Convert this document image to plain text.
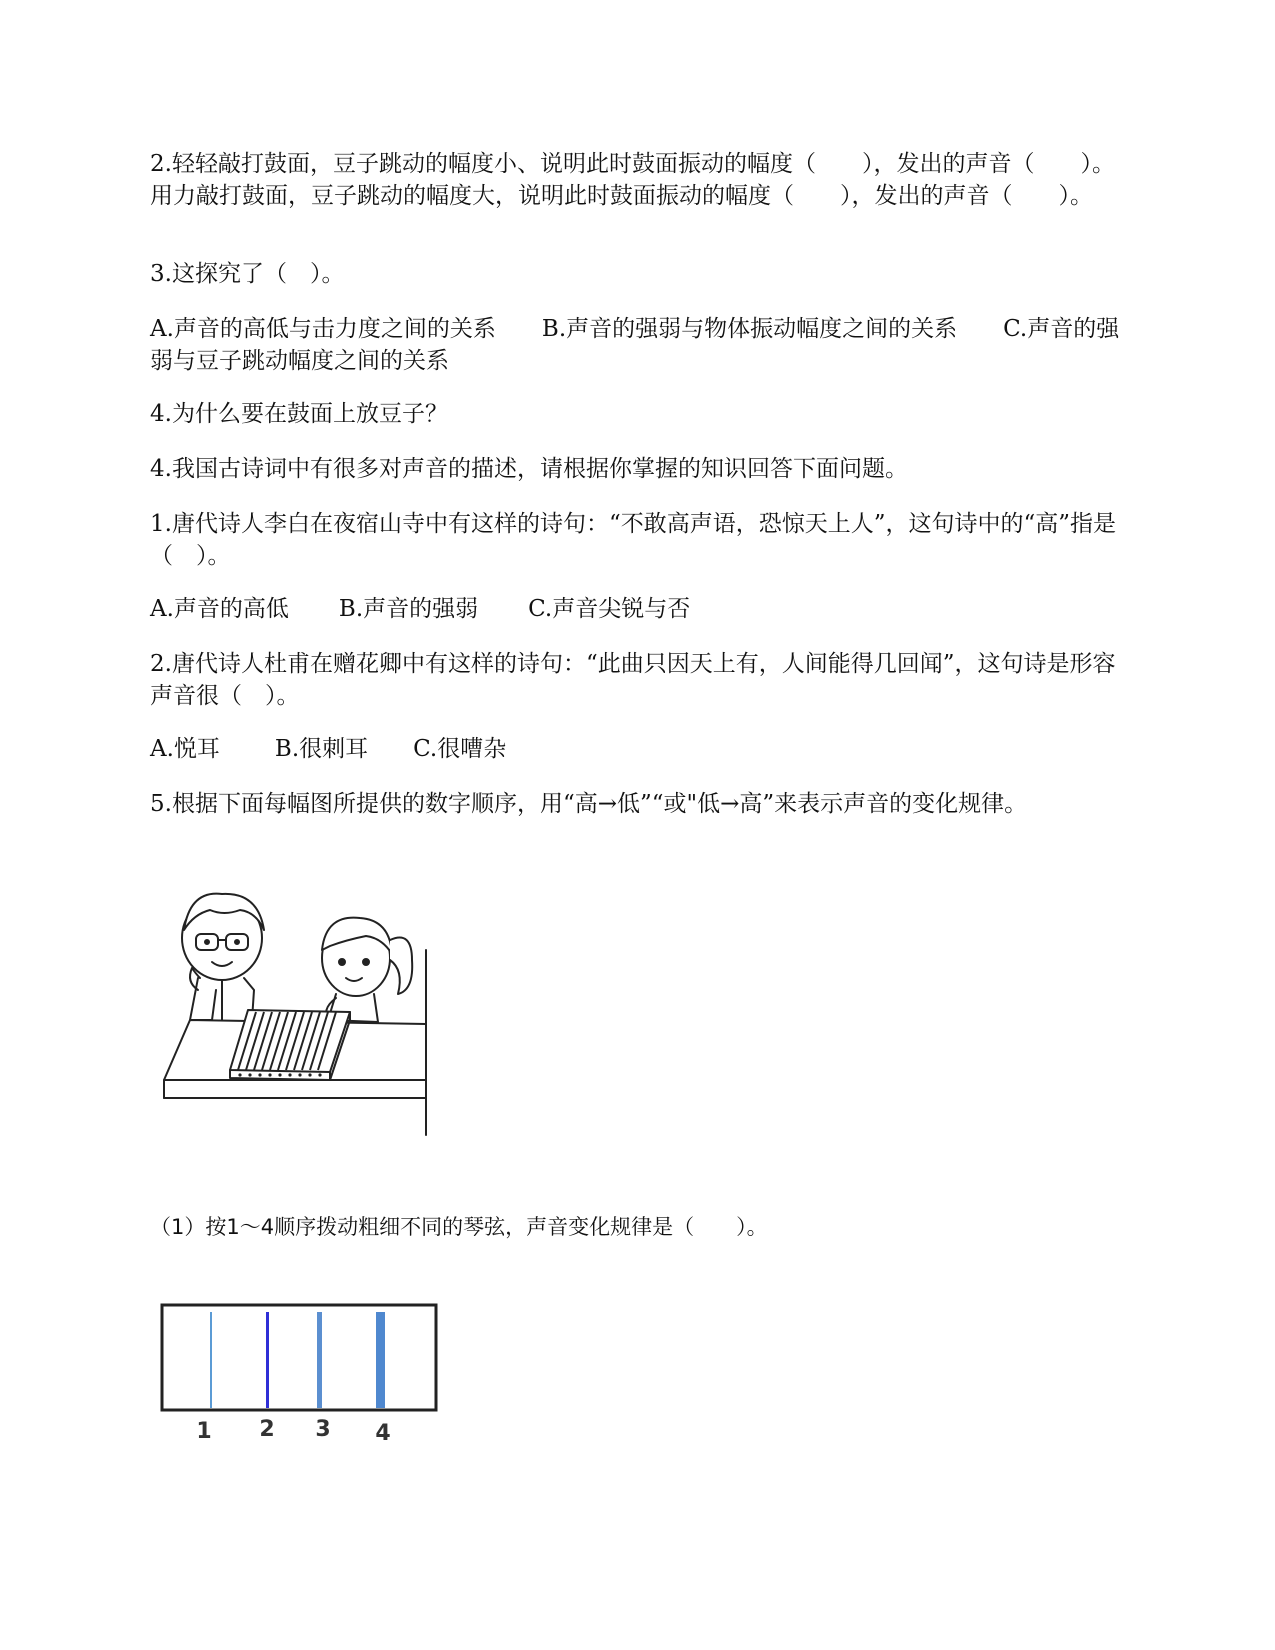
2.轻轻敲打鼓面，豆子跳动的幅度小、说明此时鼓面振动的幅度（　　），发出的声音（　　）。用力敲打鼓面，豆子跳动的幅度大，说明此时鼓面振动的幅度（　　），发出的声音（　　）。

3.这探究了（　）。

A.声音的高低与击力度之间的关系　　B.声音的强弱与物体振动幅度之间的关系　　C.声音的强弱与豆子跳动幅度之间的关系

4.为什么要在鼓面上放豆子？

4.我国古诗词中有很多对声音的描述，请根据你掌握的知识回答下面问题。

1.唐代诗人李白在夜宿山寺中有这样的诗句：“不敢高声语，恐惊天上人”，这句诗中的“高”指是（　）。

A.声音的高低 B.声音的强弱 C.声音尖锐与否

2.唐代诗人杜甫在赠花卿中有这样的诗句：“此曲只因天上有，人间能得几回闻”，这句诗是形容声音很（　）。

A.悦耳 B.很刺耳 C.很嘈杂

5.根据下面每幅图所提供的数字顺序，用“高→低”“或"低→高”来表示声音的变化规律。

（1）按1～4顺序拨动粗细不同的琴弦，声音变化规律是（　　）。
1 2 3 4
